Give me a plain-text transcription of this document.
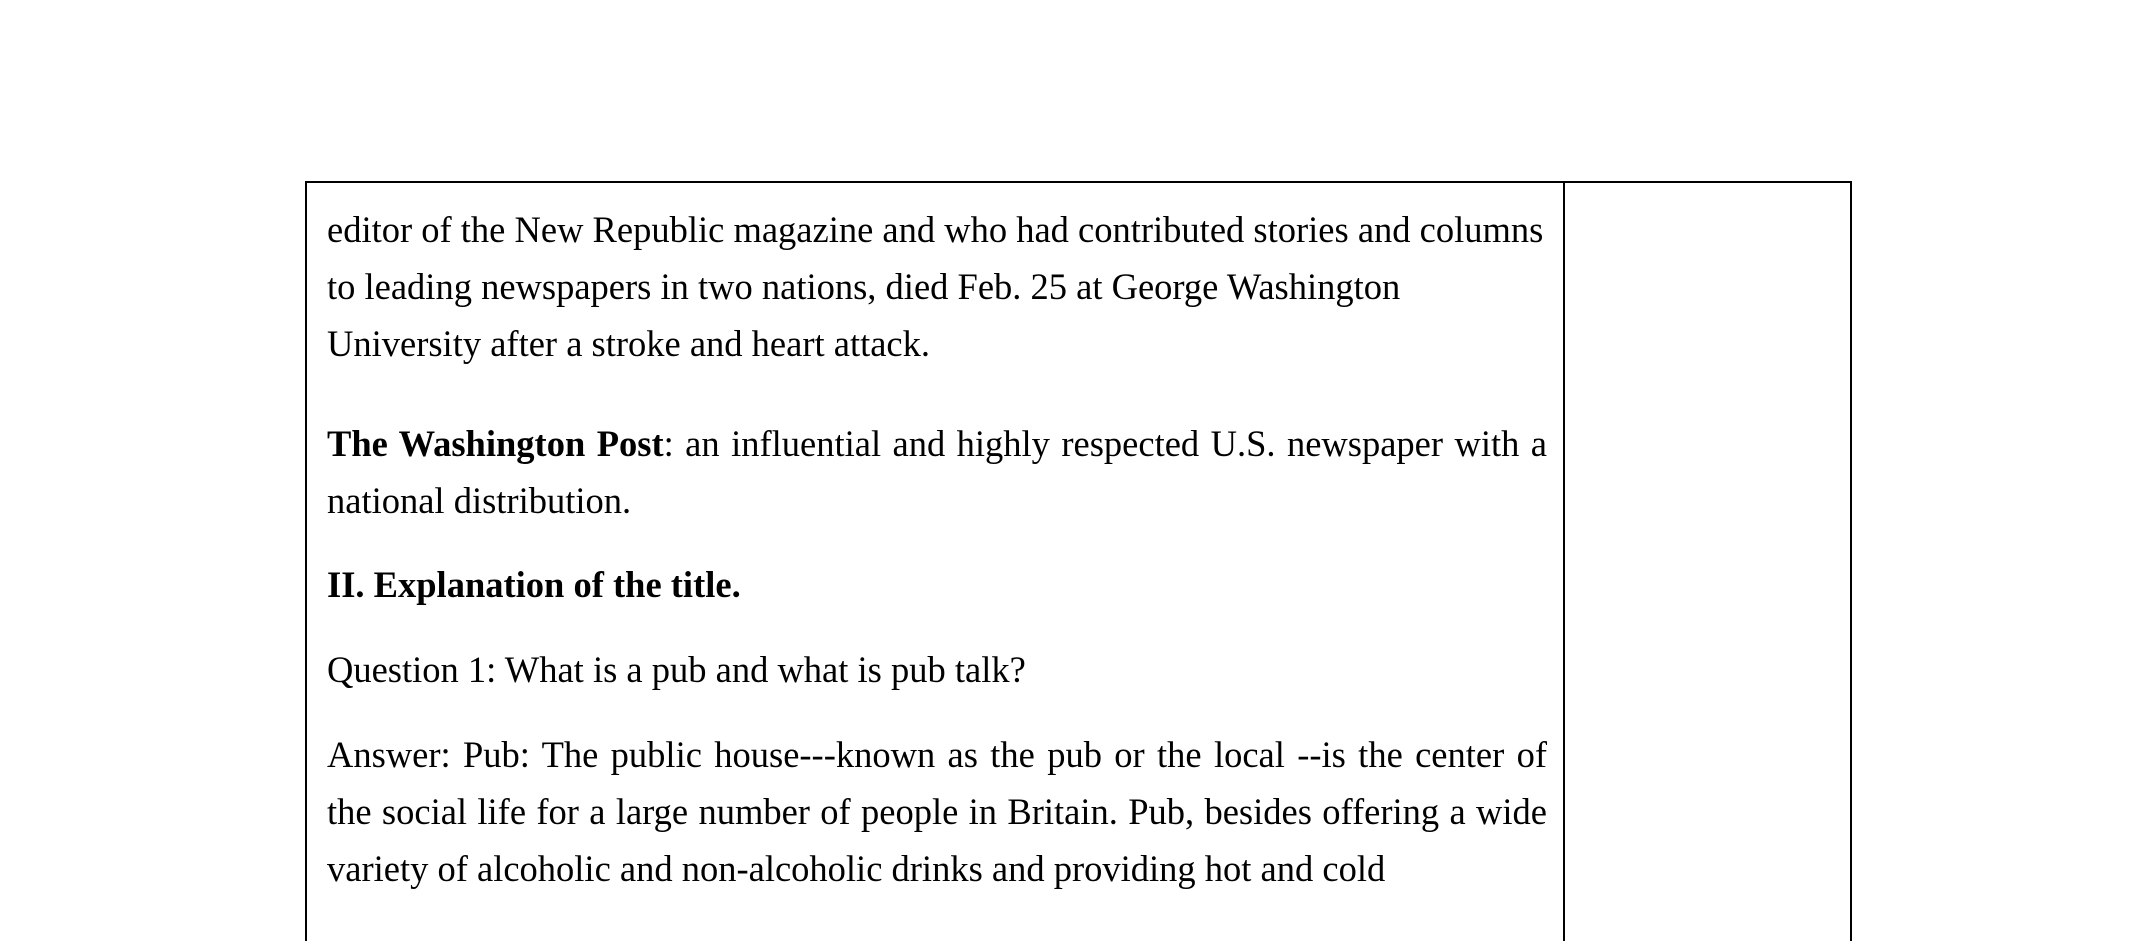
editor of the New Republic magazine and who had contributed stories and columns to leading newspapers in two nations, died Feb. 25 at George Washington University after a stroke and heart attack.

The Washington Post: an influential and highly respected U.S. newspaper with a national distribution.

II. Explanation of the title.

Question 1: What is a pub and what is pub talk?

Answer: Pub: The public house---known as the pub or the local --is the center of the social life for a large number of people in Britain. Pub, besides offering a wide variety of alcoholic and non-alcoholic drinks and providing hot and cold
